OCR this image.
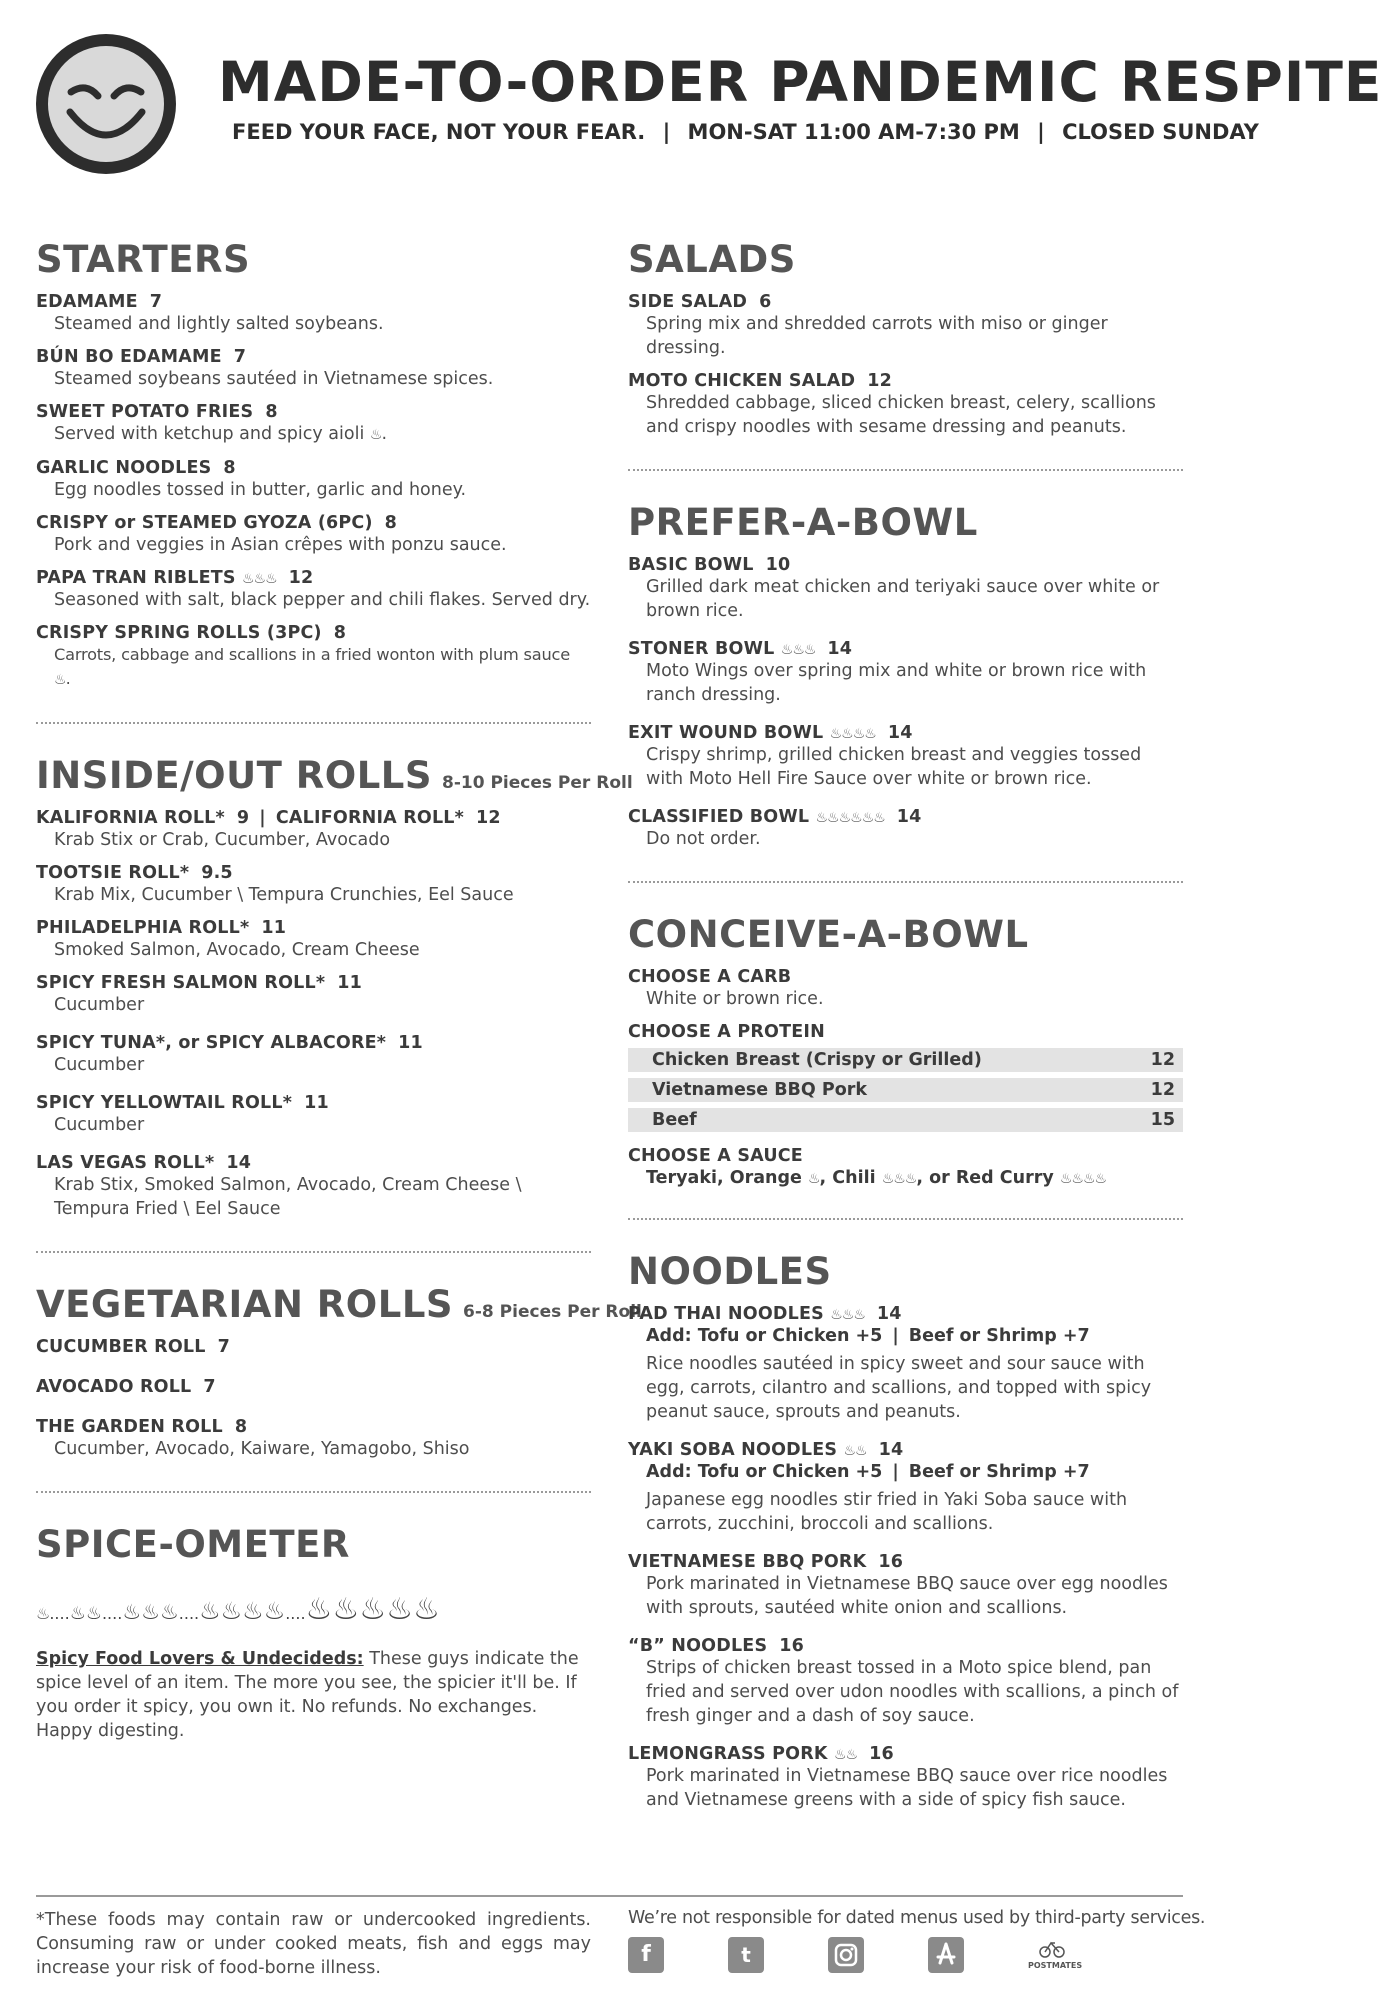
MADE-TO-ORDER PANDEMIC RESPITE
FEED YOUR FACE, NOT YOUR FEAR. | MON-SAT 11:00 AM-7:30 PM | CLOSED SUNDAY
STARTERS
EDAMAME 7
Steamed and lightly salted soybeans.
BÚN BO EDAMAME 7
Steamed soybeans sautéed in Vietnamese spices.
SWEET POTATO FRIES 8
Served with ketchup and spicy aioli ♨.
GARLIC NOODLES 8
Egg noodles tossed in butter, garlic and honey.
CRISPY or STEAMED GYOZA (6PC) 8
Pork and veggies in Asian crêpes with ponzu sauce.
PAPA TRAN RIBLETS ♨♨♨ 12
Seasoned with salt, black pepper and chili flakes. Served dry.
CRISPY SPRING ROLLS (3PC) 8
Carrots, cabbage and scallions in a fried wonton with plum sauce ♨.
INSIDE/OUT ROLLS 8-10 Pieces Per Roll
KALIFORNIA ROLL* 9 | CALIFORNIA ROLL* 12
Krab Stix or Crab, Cucumber, Avocado
TOOTSIE ROLL* 9.5
Krab Mix, Cucumber \ Tempura Crunchies, Eel Sauce
PHILADELPHIA ROLL* 11
Smoked Salmon, Avocado, Cream Cheese
SPICY FRESH SALMON ROLL* 11
Cucumber
SPICY TUNA*, or SPICY ALBACORE* 11
Cucumber
SPICY YELLOWTAIL ROLL* 11
Cucumber
LAS VEGAS ROLL* 14
Krab Stix, Smoked Salmon, Avocado, Cream Cheese \ Tempura Fried \ Eel Sauce
VEGETARIAN ROLLS 6-8 Pieces Per Roll
CUCUMBER ROLL 7
AVOCADO ROLL 7
THE GARDEN ROLL 8
Cucumber, Avocado, Kaiware, Yamagobo, Shiso
SPICE-OMETER
♨....♨♨....♨♨♨....♨♨♨♨....♨♨♨♨♨
Spicy Food Lovers & Undecideds: These guys indicate the spice level of an item. The more you see, the spicier it'll be. If you order it spicy, you own it. No refunds. No exchanges. Happy digesting.
SALADS
SIDE SALAD 6
Spring mix and shredded carrots with miso or ginger dressing.
MOTO CHICKEN SALAD 12
Shredded cabbage, sliced chicken breast, celery, scallions and crispy noodles with sesame dressing and peanuts.
PREFER-A-BOWL
BASIC BOWL 10
Grilled dark meat chicken and teriyaki sauce over white or brown rice.
STONER BOWL ♨♨♨ 14
Moto Wings over spring mix and white or brown rice with ranch dressing.
EXIT WOUND BOWL ♨♨♨♨ 14
Crispy shrimp, grilled chicken breast and veggies tossed with Moto Hell Fire Sauce over white or brown rice.
CLASSIFIED BOWL ♨♨♨♨♨♨ 14
Do not order.
CONCEIVE-A-BOWL
CHOOSE A CARB
White or brown rice.
CHOOSE A PROTEIN
Chicken Breast (Crispy or Grilled)	12
Vietnamese BBQ Pork	12
Beef	15
CHOOSE A SAUCE
Teryaki, Orange ♨, Chili ♨♨♨, or Red Curry ♨♨♨♨
NOODLES
PAD THAI NOODLES ♨♨♨ 14
Add: Tofu or Chicken +5 | Beef or Shrimp +7
Rice noodles sautéed in spicy sweet and sour sauce with egg, carrots, cilantro and scallions, and topped with spicy peanut sauce, sprouts and peanuts.
YAKI SOBA NOODLES ♨♨ 14
Add: Tofu or Chicken +5 | Beef or Shrimp +7
Japanese egg noodles stir fried in Yaki Soba sauce with carrots, zucchini, broccoli and scallions.
VIETNAMESE BBQ PORK 16
Pork marinated in Vietnamese BBQ sauce over egg noodles with sprouts, sautéed white onion and scallions.
“B” NOODLES 16
Strips of chicken breast tossed in a Moto spice blend, pan fried and served over udon noodles with scallions, a pinch of fresh ginger and a dash of soy sauce.
LEMONGRASS PORK ♨♨ 16
Pork marinated in Vietnamese BBQ sauce over rice noodles and Vietnamese greens with a side of spicy fish sauce.
*These foods may contain raw or undercooked ingredients. Consuming raw or under cooked meats, fish and eggs may increase your risk of food-borne illness.
We’re not responsible for dated menus used by third-party services.
f	t	POSTMATES
